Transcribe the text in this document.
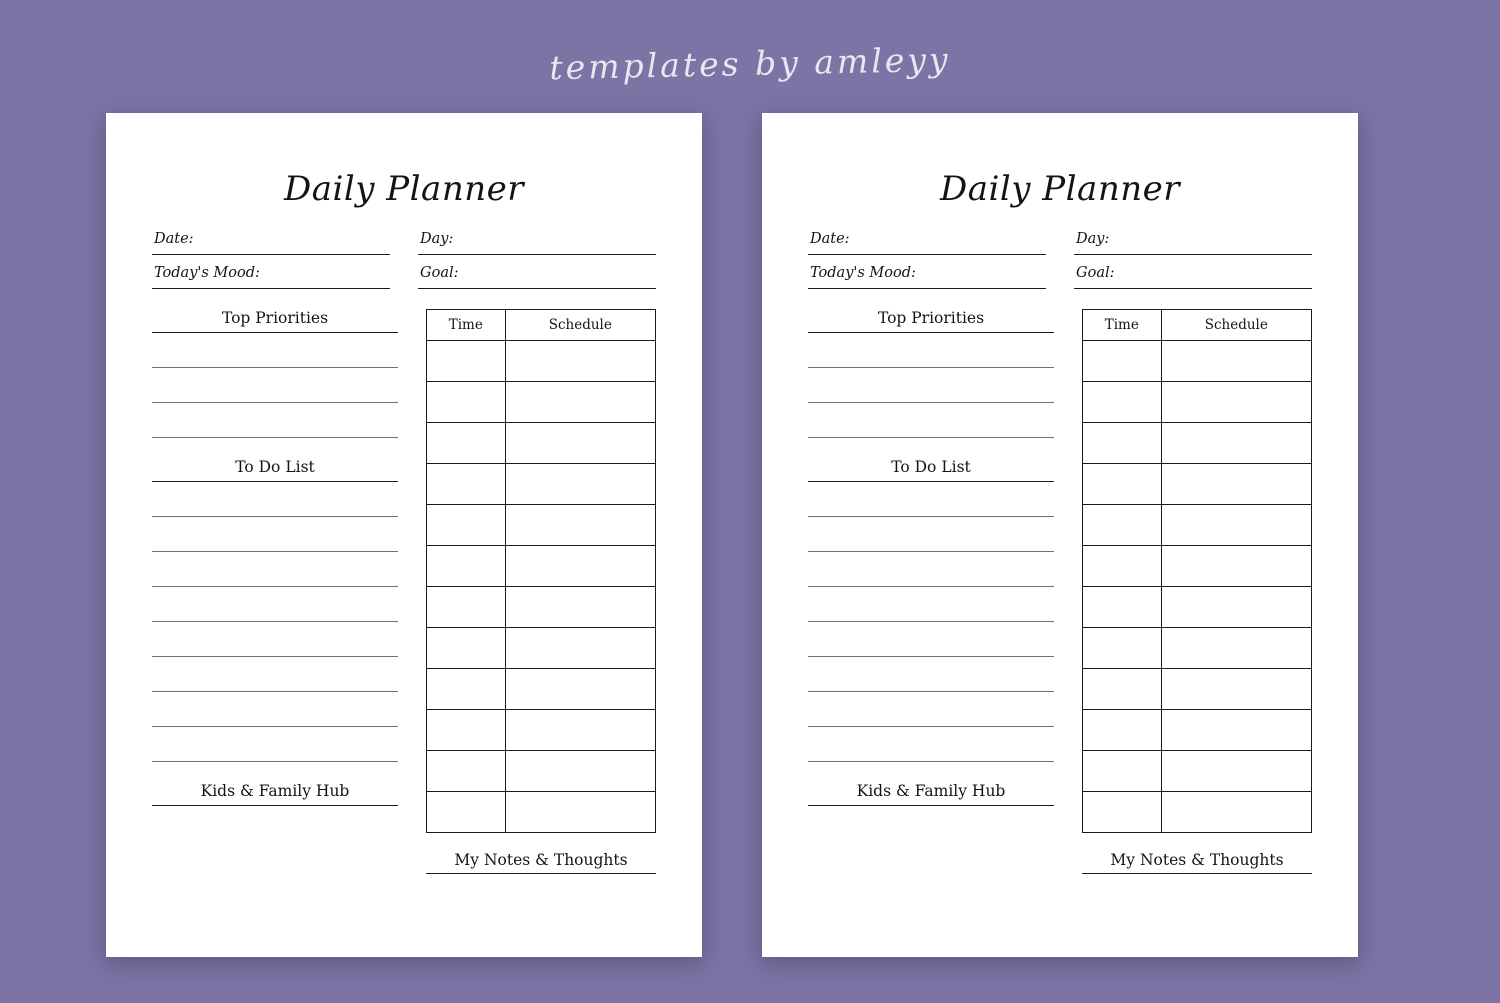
templates by amleyy
Daily Planner
Date:
Today's Mood:
Day:
Goal:
Top Priorities
To Do List
Kids & Family Hub
Time	Schedule

My Notes & Thoughts
Daily Planner
Date:
Today's Mood:
Day:
Goal:
Top Priorities
To Do List
Kids & Family Hub
Time	Schedule

My Notes & Thoughts
